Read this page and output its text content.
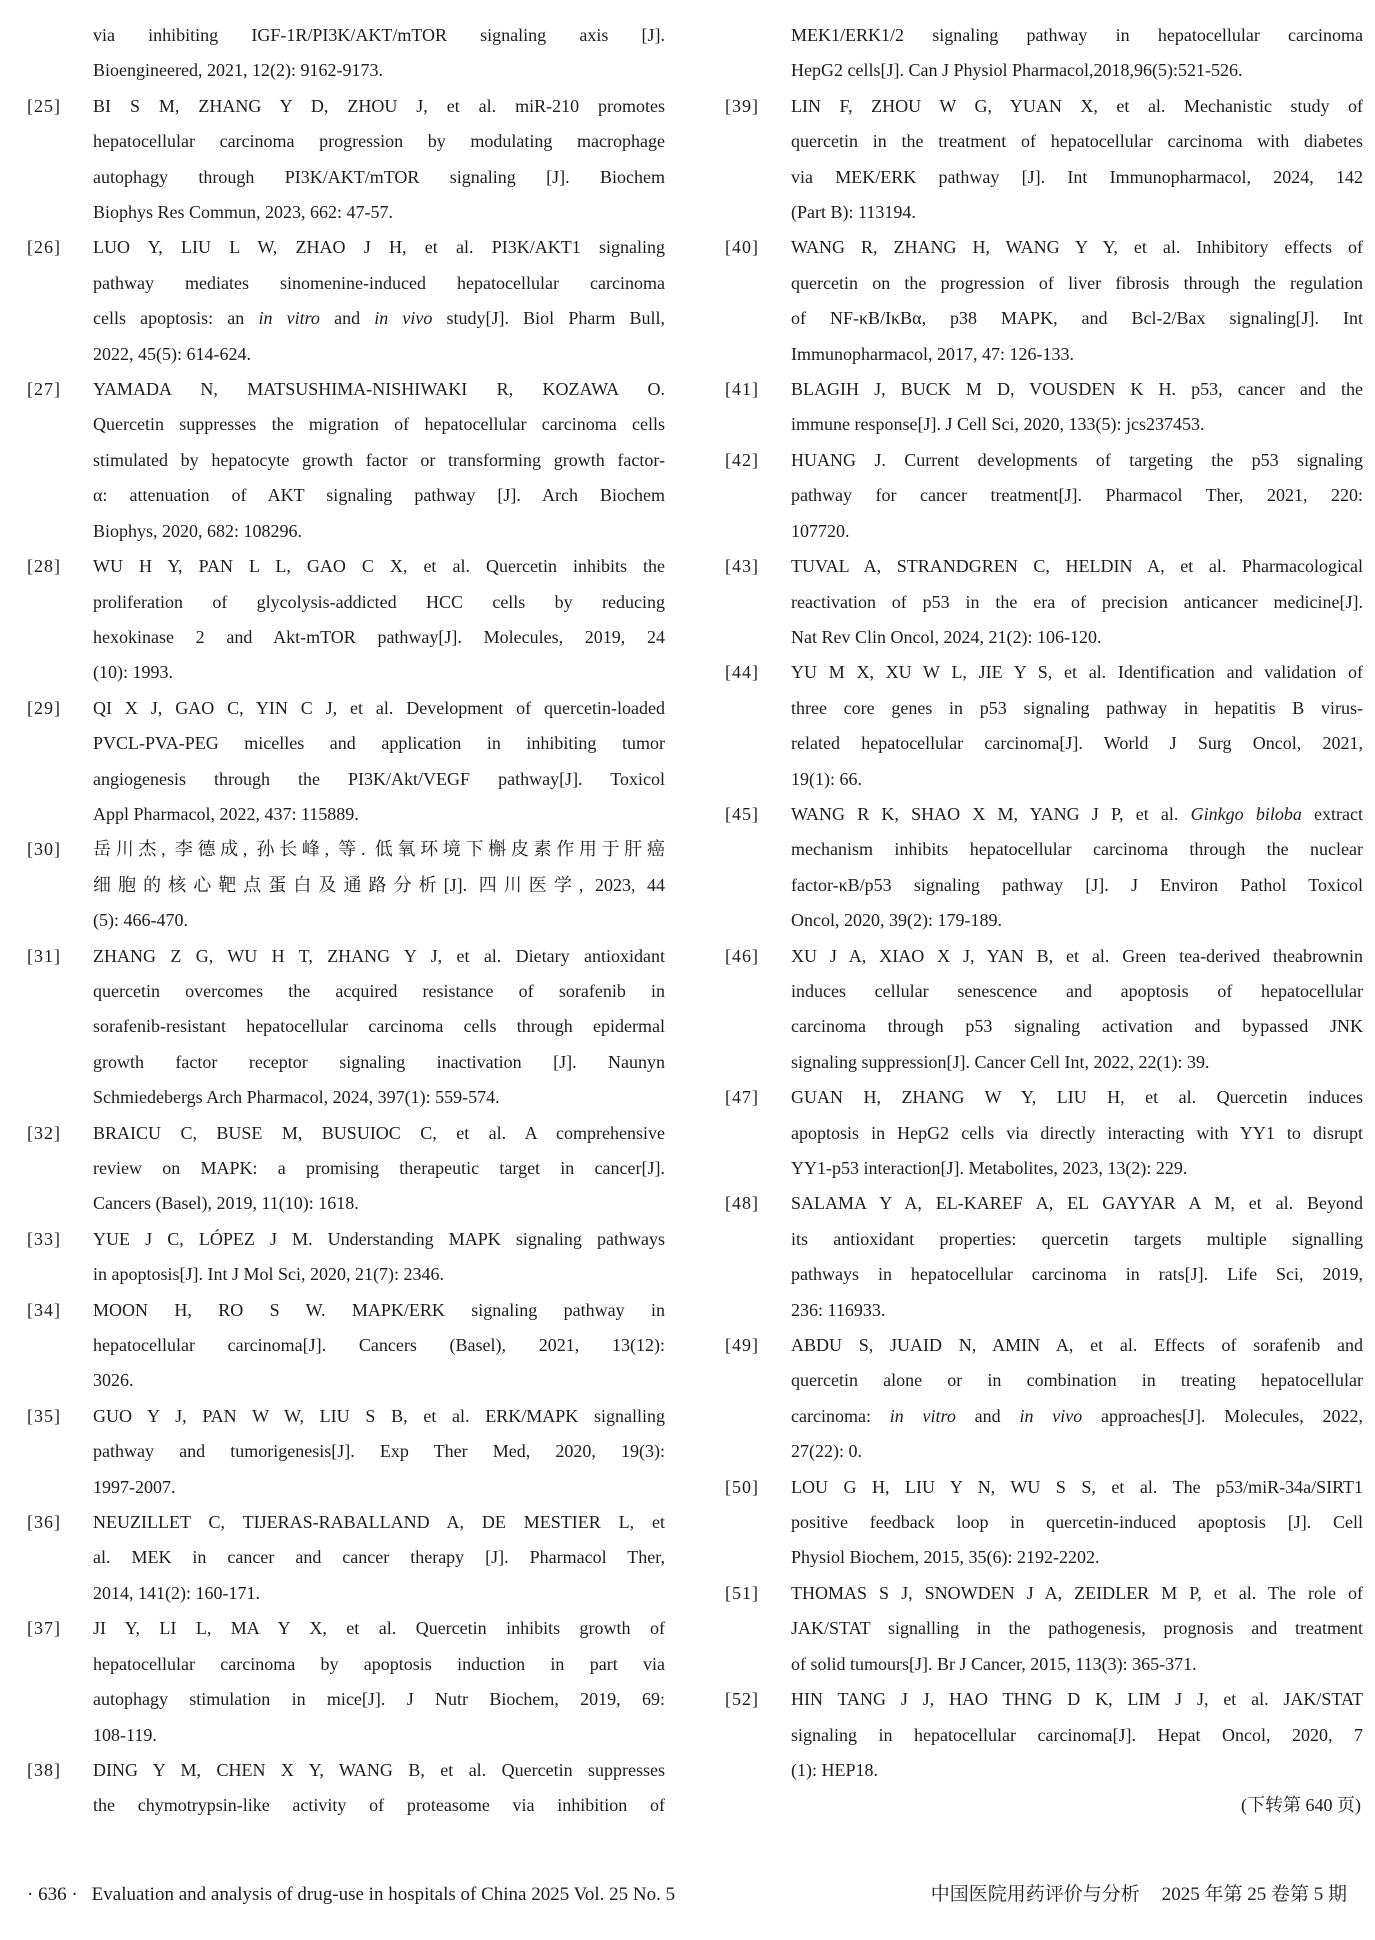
via inhibiting IGF-1R/PI3K/AKT/mTOR signaling axis [J].
Bioengineered, 2021, 12(2): 9162-9173.
[25]	BI S M, ZHANG Y D, ZHOU J, et al. miR-210 promotes
hepatocellular carcinoma progression by modulating macrophage
autophagy through PI3K/AKT/mTOR signaling [J]. Biochem
Biophys Res Commun, 2023, 662: 47-57.
[26]	LUO Y, LIU L W, ZHAO J H, et al. PI3K/AKT1 signaling
pathway mediates sinomenine-induced hepatocellular carcinoma
cells apoptosis: an in vitro and in vivo study[J]. Biol Pharm Bull,
2022, 45(5): 614-624.
[27]	YAMADA N, MATSUSHIMA-NISHIWAKI R, KOZAWA O.
Quercetin suppresses the migration of hepatocellular carcinoma cells
stimulated by hepatocyte growth factor or transforming growth factor-
α: attenuation of AKT signaling pathway [J]. Arch Biochem
Biophys, 2020, 682: 108296.
[28]	WU H Y, PAN L L, GAO C X, et al. Quercetin inhibits the
proliferation of glycolysis-addicted HCC cells by reducing
hexokinase 2 and Akt-mTOR pathway[J]. Molecules, 2019, 24
(10): 1993.
[29]	QI X J, GAO C, YIN C J, et al. Development of quercetin-loaded
PVCL-PVA-PEG micelles and application in inhibiting tumor
angiogenesis through the PI3K/Akt/VEGF pathway[J]. Toxicol
Appl Pharmacol, 2022, 437: 115889.
[30]	岳川杰, 李德成, 孙长峰, 等. 低氧环境下槲皮素作用于肝癌
细胞的核心靶点蛋白及通路分析[J]. 四川医学, 2023, 44
(5): 466-470.
[31]	ZHANG Z G, WU H T, ZHANG Y J, et al. Dietary antioxidant
quercetin overcomes the acquired resistance of sorafenib in
sorafenib-resistant hepatocellular carcinoma cells through epidermal
growth factor receptor signaling inactivation [J]. Naunyn
Schmiedebergs Arch Pharmacol, 2024, 397(1): 559-574.
[32]	BRAICU C, BUSE M, BUSUIOC C, et al. A comprehensive
review on MAPK: a promising therapeutic target in cancer[J].
Cancers (Basel), 2019, 11(10): 1618.
[33]	YUE J C, LÓPEZ J M. Understanding MAPK signaling pathways
in apoptosis[J]. Int J Mol Sci, 2020, 21(7): 2346.
[34]	MOON H, RO S W. MAPK/ERK signaling pathway in
hepatocellular carcinoma[J]. Cancers (Basel), 2021, 13(12):
3026.
[35]	GUO Y J, PAN W W, LIU S B, et al. ERK/MAPK signalling
pathway and tumorigenesis[J]. Exp Ther Med, 2020, 19(3):
1997-2007.
[36]	NEUZILLET C, TIJERAS-RABALLAND A, DE MESTIER L, et
al. MEK in cancer and cancer therapy [J]. Pharmacol Ther,
2014, 141(2): 160-171.
[37]	JI Y, LI L, MA Y X, et al. Quercetin inhibits growth of
hepatocellular carcinoma by apoptosis induction in part via
autophagy stimulation in mice[J]. J Nutr Biochem, 2019, 69:
108-119.
[38]	DING Y M, CHEN X Y, WANG B, et al. Quercetin suppresses
the chymotrypsin-like activity of proteasome via inhibition of
MEK1/ERK1/2 signaling pathway in hepatocellular carcinoma
HepG2 cells[J]. Can J Physiol Pharmacol,2018,96(5):521-526.
[39]	LIN F, ZHOU W G, YUAN X, et al. Mechanistic study of
quercetin in the treatment of hepatocellular carcinoma with diabetes
via MEK/ERK pathway [J]. Int Immunopharmacol, 2024, 142
(Part B): 113194.
[40]	WANG R, ZHANG H, WANG Y Y, et al. Inhibitory effects of
quercetin on the progression of liver fibrosis through the regulation
of NF-κB/IκBα, p38 MAPK, and Bcl-2/Bax signaling[J]. Int
Immunopharmacol, 2017, 47: 126-133.
[41]	BLAGIH J, BUCK M D, VOUSDEN K H. p53, cancer and the
immune response[J]. J Cell Sci, 2020, 133(5): jcs237453.
[42]	HUANG J. Current developments of targeting the p53 signaling
pathway for cancer treatment[J]. Pharmacol Ther, 2021, 220:
107720.
[43]	TUVAL A, STRANDGREN C, HELDIN A, et al. Pharmacological
reactivation of p53 in the era of precision anticancer medicine[J].
Nat Rev Clin Oncol, 2024, 21(2): 106-120.
[44]	YU M X, XU W L, JIE Y S, et al. Identification and validation of
three core genes in p53 signaling pathway in hepatitis B virus-
related hepatocellular carcinoma[J]. World J Surg Oncol, 2021,
19(1): 66.
[45]	WANG R K, SHAO X M, YANG J P, et al. Ginkgo biloba extract
mechanism inhibits hepatocellular carcinoma through the nuclear
factor-κB/p53 signaling pathway [J]. J Environ Pathol Toxicol
Oncol, 2020, 39(2): 179-189.
[46]	XU J A, XIAO X J, YAN B, et al. Green tea-derived theabrownin
induces cellular senescence and apoptosis of hepatocellular
carcinoma through p53 signaling activation and bypassed JNK
signaling suppression[J]. Cancer Cell Int, 2022, 22(1): 39.
[47]	GUAN H, ZHANG W Y, LIU H, et al. Quercetin induces
apoptosis in HepG2 cells via directly interacting with YY1 to disrupt
YY1-p53 interaction[J]. Metabolites, 2023, 13(2): 229.
[48]	SALAMA Y A, EL-KAREF A, EL GAYYAR A M, et al. Beyond
its antioxidant properties: quercetin targets multiple signalling
pathways in hepatocellular carcinoma in rats[J]. Life Sci, 2019,
236: 116933.
[49]	ABDU S, JUAID N, AMIN A, et al. Effects of sorafenib and
quercetin alone or in combination in treating hepatocellular
carcinoma: in vitro and in vivo approaches[J]. Molecules, 2022,
27(22): 0.
[50]	LOU G H, LIU Y N, WU S S, et al. The p53/miR-34a/SIRT1
positive feedback loop in quercetin-induced apoptosis [J]. Cell
Physiol Biochem, 2015, 35(6): 2192-2202.
[51]	THOMAS S J, SNOWDEN J A, ZEIDLER M P, et al. The role of
JAK/STAT signalling in the pathogenesis, prognosis and treatment
of solid tumours[J]. Br J Cancer, 2015, 113(3): 365-371.
[52]	HIN TANG J J, HAO THNG D K, LIM J J, et al. JAK/STAT
signaling in hepatocellular carcinoma[J]. Hepat Oncol, 2020, 7
(1): HEP18.
(下转第 640 页)
· 636 · Evaluation and analysis of drug-use in hospitals of China 2025 Vol. 25 No. 5	中国医院用药评价与分析 2025 年第 25 卷第 5 期
